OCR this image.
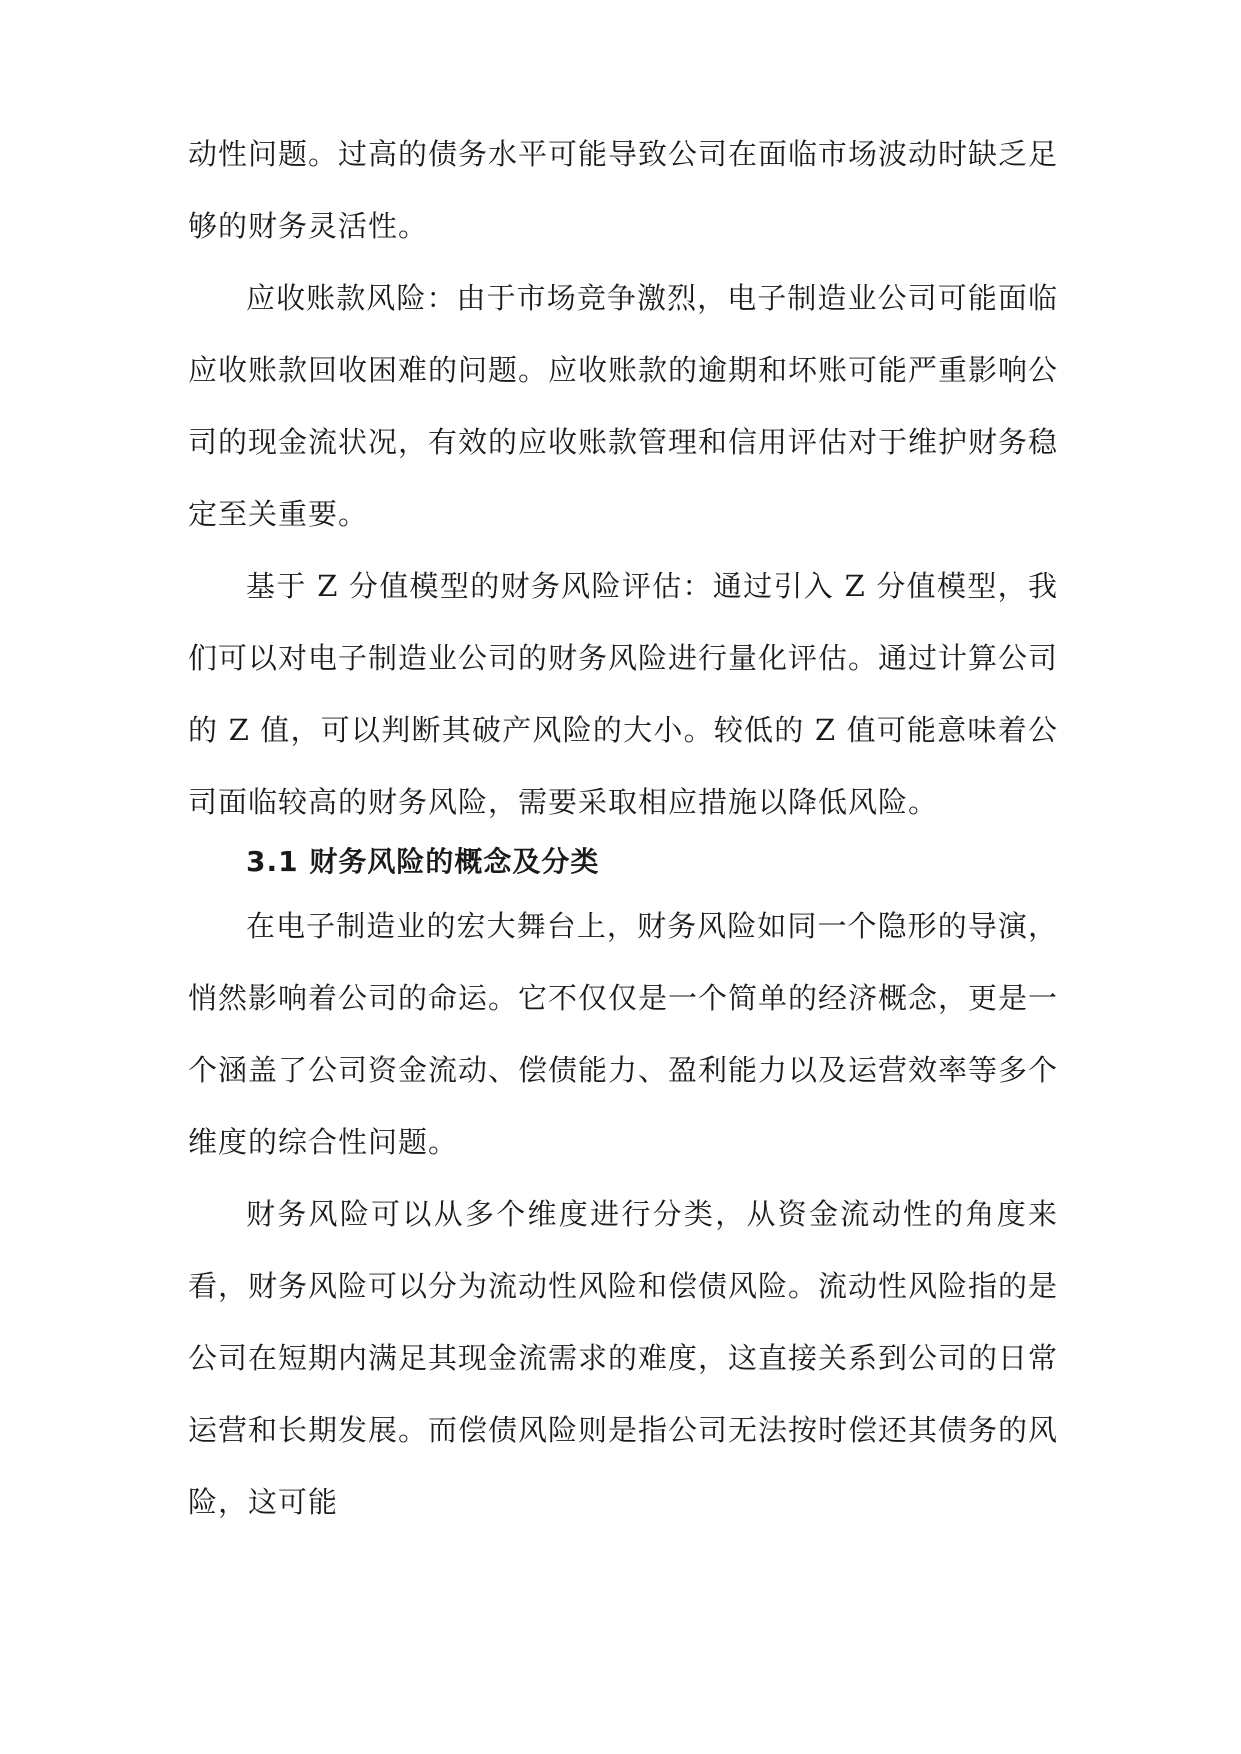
动性问题。过高的债务水平可能导致公司在面临市场波动时缺乏足够的财务灵活性。

应收账款风险：由于市场竞争激烈，电子制造业公司可能面临应收账款回收困难的问题。应收账款的逾期和坏账可能严重影响公司的现金流状况，有效的应收账款管理和信用评估对于维护财务稳定至关重要。

基于 Z 分值模型的财务风险评估：通过引入 Z 分值模型，我们可以对电子制造业公司的财务风险进行量化评估。通过计算公司的 Z 值，可以判断其破产风险的大小。较低的 Z 值可能意味着公司面临较高的财务风险，需要采取相应措施以降低风险。

3.1 财务风险的概念及分类

在电子制造业的宏大舞台上，财务风险如同一个隐形的导演，悄然影响着公司的命运。它不仅仅是一个简单的经济概念，更是一个涵盖了公司资金流动、偿债能力、盈利能力以及运营效率等多个维度的综合性问题。

财务风险可以从多个维度进行分类，从资金流动性的角度来看，财务风险可以分为流动性风险和偿债风险。流动性风险指的是公司在短期内满足其现金流需求的难度，这直接关系到公司的日常运营和长期发展。而偿债风险则是指公司无法按时偿还其债务的风险，这可能
